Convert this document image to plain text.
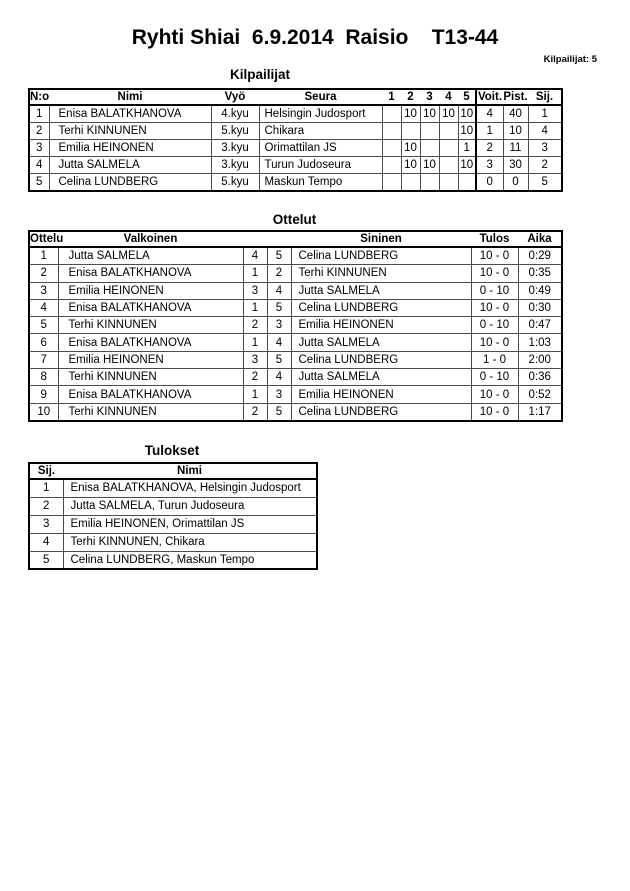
Ryhti Shiai  6.9.2014  Raisio    T13-44
Kilpailijat: 5
Kilpailijat
N:o	Nimi	Vyö	Seura	1	2	3	4	5	Voit.	Pist.	Sij.
1	Enisa BALATKHANOVA	4.kyu	Helsingin Judosport		10	10	10	10	4	40	1
2	Terhi KINNUNEN	5.kyu	Chikara					10	1	10	4
3	Emilia HEINONEN	3.kyu	Orimattilan JS		10			1	2	11	3
4	Jutta SALMELA	3.kyu	Turun Judoseura		10	10		10	3	30	2
5	Celina LUNDBERG	5.kyu	Maskun Tempo						0	0	5
Ottelut
Ottelu	Valkoinen			Sininen	Tulos	Aika
1	Jutta SALMELA	4	5	Celina LUNDBERG	10 - 0	0:29
2	Enisa BALATKHANOVA	1	2	Terhi KINNUNEN	10 - 0	0:35
3	Emilia HEINONEN	3	4	Jutta SALMELA	0 - 10	0:49
4	Enisa BALATKHANOVA	1	5	Celina LUNDBERG	10 - 0	0:30
5	Terhi KINNUNEN	2	3	Emilia HEINONEN	0 - 10	0:47
6	Enisa BALATKHANOVA	1	4	Jutta SALMELA	10 - 0	1:03
7	Emilia HEINONEN	3	5	Celina LUNDBERG	1 - 0	2:00
8	Terhi KINNUNEN	2	4	Jutta SALMELA	0 - 10	0:36
9	Enisa BALATKHANOVA	1	3	Emilia HEINONEN	10 - 0	0:52
10	Terhi KINNUNEN	2	5	Celina LUNDBERG	10 - 0	1:17
Tulokset
Sij.	Nimi
1	Enisa BALATKHANOVA, Helsingin Judosport
2	Jutta SALMELA, Turun Judoseura
3	Emilia HEINONEN, Orimattilan JS
4	Terhi KINNUNEN, Chikara
5	Celina LUNDBERG, Maskun Tempo
